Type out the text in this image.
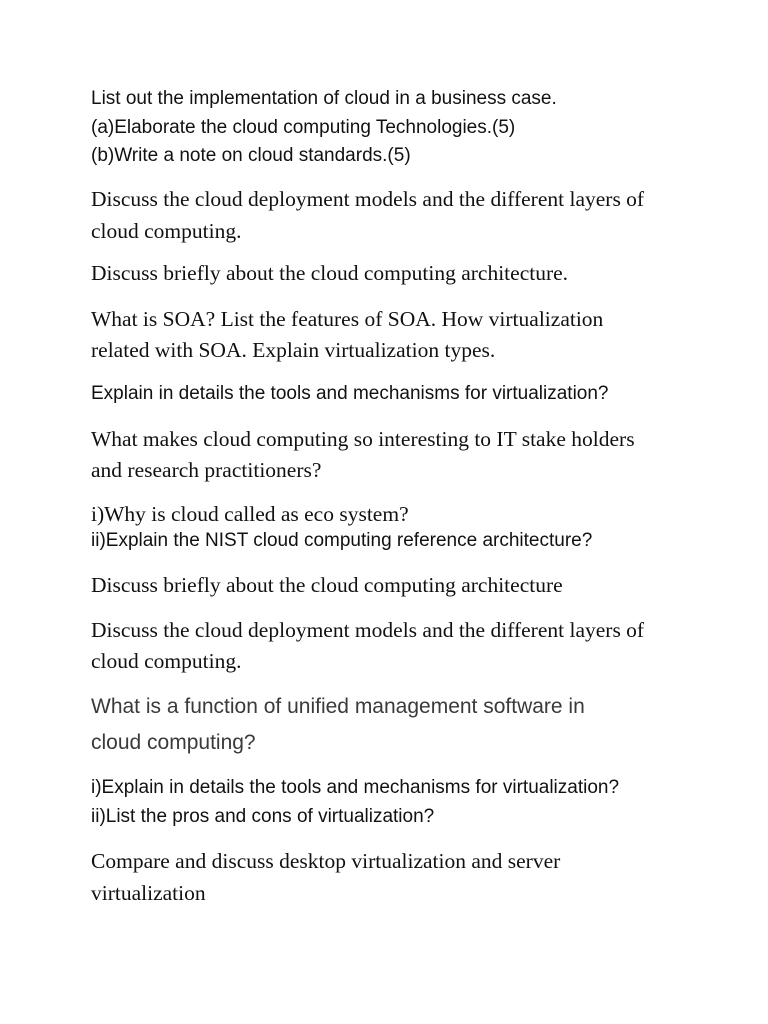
List out the implementation of cloud in a business case.

(a)Elaborate the cloud computing Technologies.(5)

(b)Write a note on cloud standards.(5)

Discuss the cloud deployment models and the different layers of

cloud computing.

Discuss briefly about the cloud computing architecture.

What is SOA? List the features of SOA. How virtualization

related with SOA. Explain virtualization types.

Explain in details the tools and mechanisms for virtualization?

What makes cloud computing so interesting to IT stake holders

and research practitioners?

i)Why is cloud called as eco system?

ii)Explain the NIST cloud computing reference architecture?

Discuss briefly about the cloud computing architecture

Discuss the cloud deployment models and the different layers of

cloud computing.

What is a function of unified management software in

cloud computing?

i)Explain in details the tools and mechanisms for virtualization?

ii)List the pros and cons of virtualization?

Compare and discuss desktop virtualization and server

virtualization
